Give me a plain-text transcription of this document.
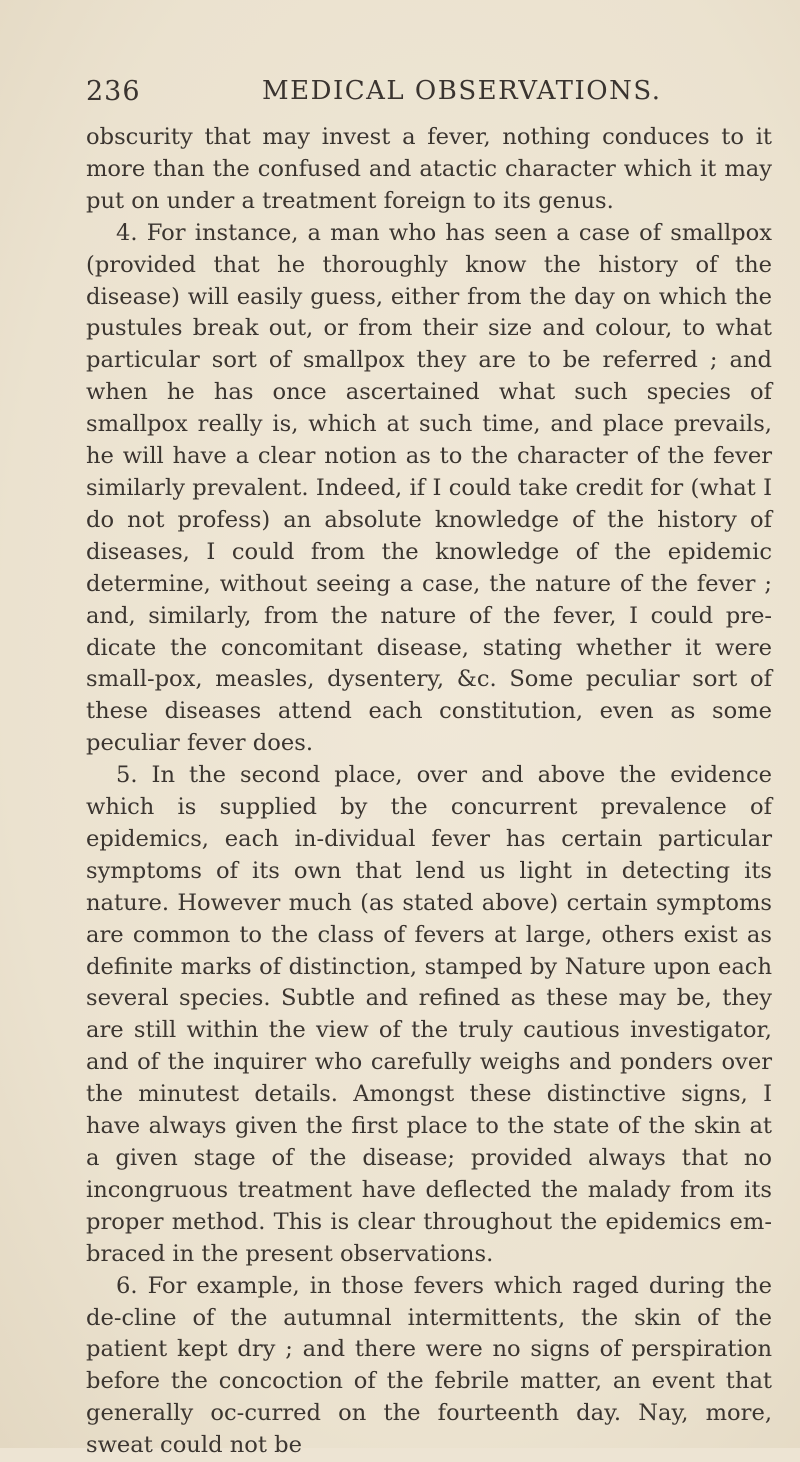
236	MEDICAL OBSERVATIONS.

obscurity that may invest a fever, nothing conduces to it more than the confused and atactic character which it may put on under a treatment foreign to its genus.

4. For instance, a man who has seen a case of smallpox (provided that he thoroughly know the history of the disease) will easily guess, either from the day on which the pustules break out, or from their size and colour, to what particular sort of smallpox they are to be referred ; and when he has once ascertained what such species of smallpox really is, which at such time, and place prevails, he will have a clear notion as to the character of the fever similarly prevalent. Indeed, if I could take credit for (what I do not profess) an absolute knowledge of the history of diseases, I could from the knowledge of the epidemic determine, without seeing a case, the nature of the fever ; and, similarly, from the nature of the fever, I could pre-dicate the concomitant disease, stating whether it were small-pox, measles, dysentery, &c. Some peculiar sort of these diseases attend each constitution, even as some peculiar fever does.

5. In the second place, over and above the evidence which is supplied by the concurrent prevalence of epidemics, each in-dividual fever has certain particular symptoms of its own that lend us light in detecting its nature. However much (as stated above) certain symptoms are common to the class of fevers at large, others exist as definite marks of distinction, stamped by Nature upon each several species. Subtle and refined as these may be, they are still within the view of the truly cautious investigator, and of the inquirer who carefully weighs and ponders over the minutest details. Amongst these distinctive signs, I have always given the first place to the state of the skin at a given stage of the disease; provided always that no incongruous treatment have deflected the malady from its proper method. This is clear throughout the epidemics em-braced in the present observations.

6. For example, in those fevers which raged during the de-cline of the autumnal intermittents, the skin of the patient kept dry ; and there were no signs of perspiration before the concoction of the febrile matter, an event that generally oc-curred on the fourteenth day. Nay, more, sweat could not be
